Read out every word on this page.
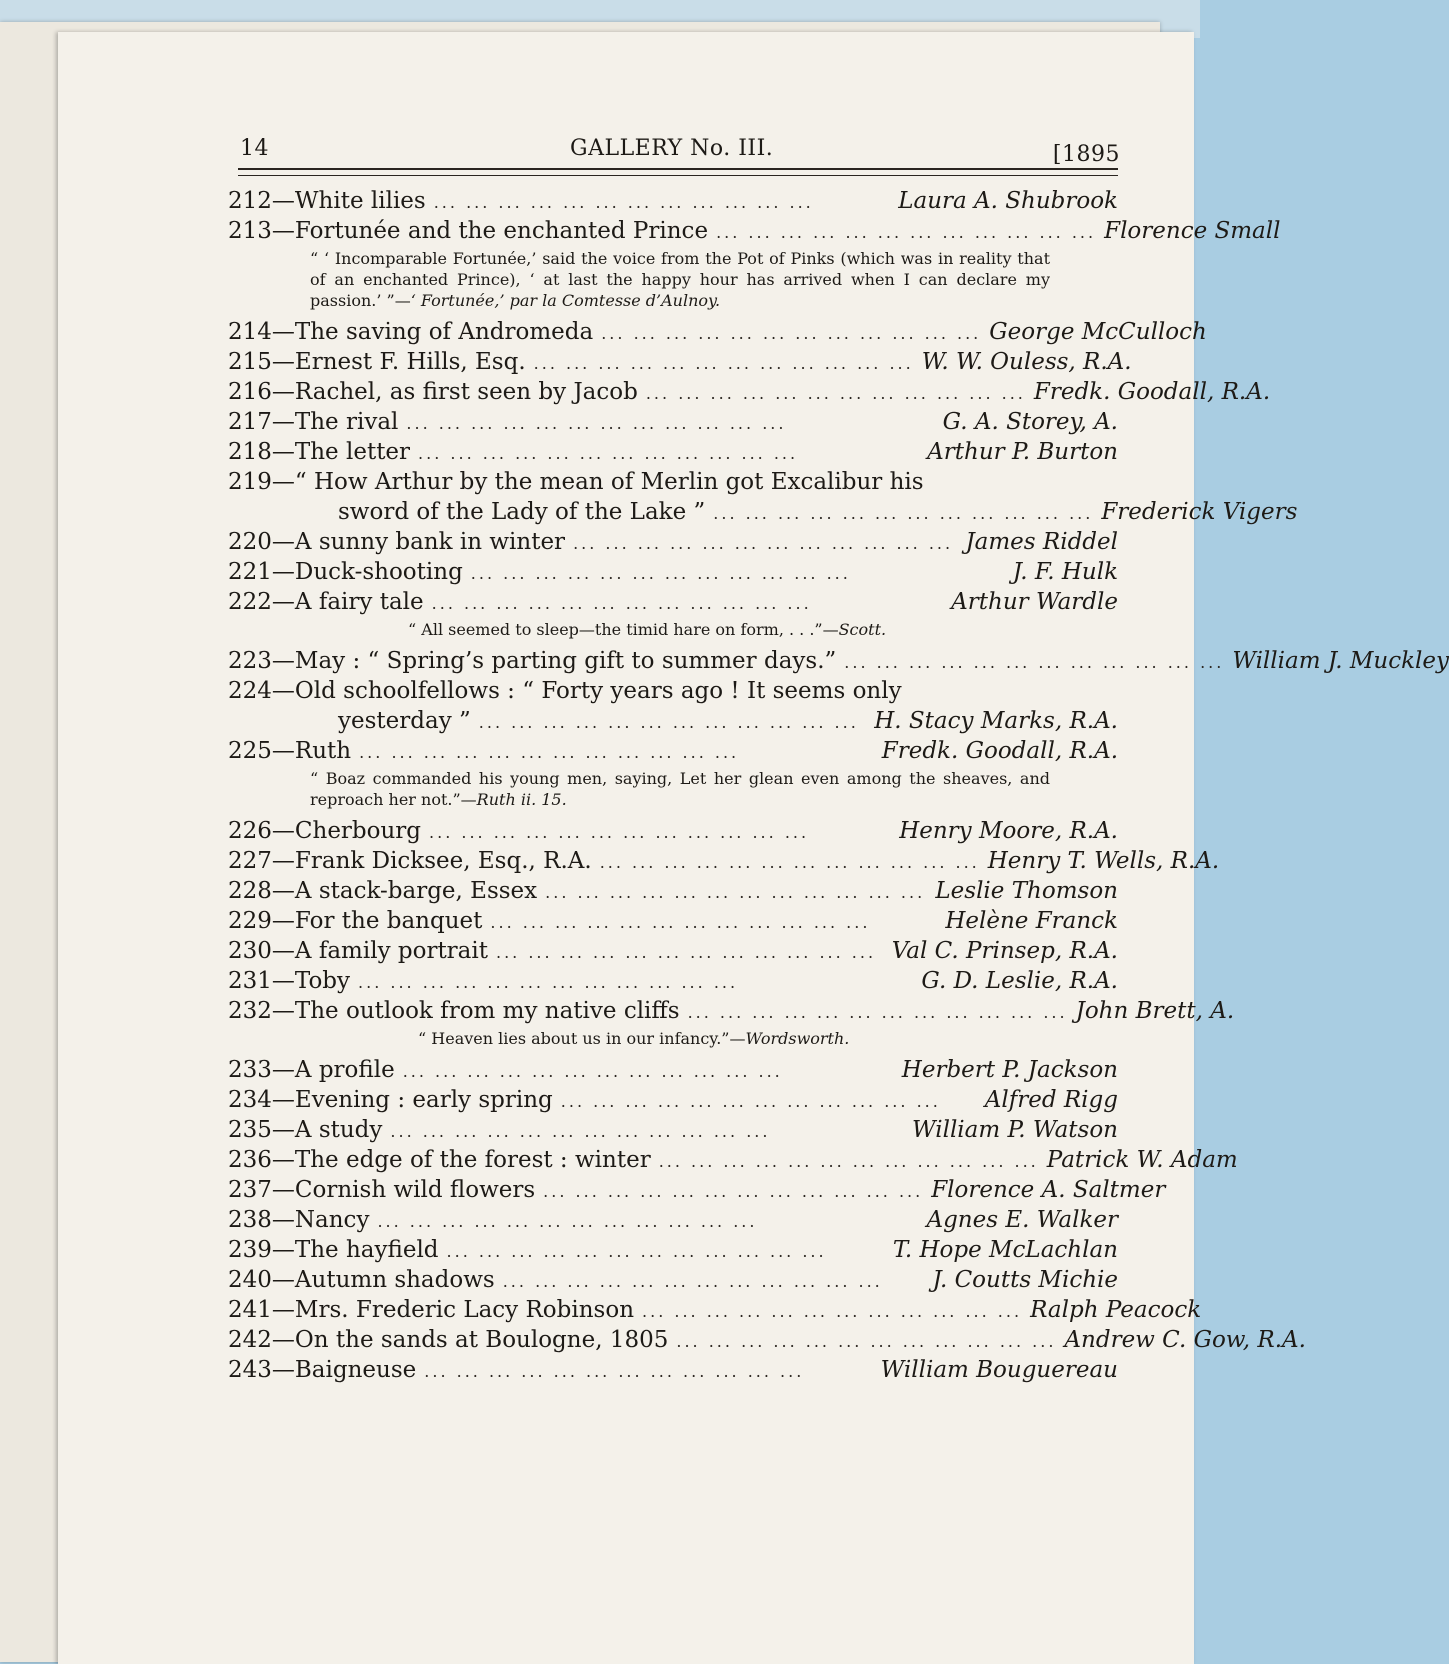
14	GALLERY No. III.	[1895
212—White lilies ... ... ... ... ... ... ... ... ... ... ... ...	Laura A. Shubrook
213—Fortunée and the enchanted Prince ... ... ... ... ... ... ... ... ... ... ... ... Florence Small
“ ‘ Incomparable Fortunée,’ said the voice from the Pot of Pinks (which was in reality that of an enchanted Prince), ‘ at last the happy hour has arrived when I can declare my passion.’ ”—‘ Fortunée,’ par la Comtesse d’Aulnoy.
214—The saving of Andromeda ... ... ... ... ... ... ... ... ... ... ... ... George McCulloch
215—Ernest F. Hills, Esq. ... ... ... ... ... ... ... ... ... ... ... ... W. W. Ouless, R.A.
216—Rachel, as first seen by Jacob ... ... ... ... ... ... ... ... ... ... ... ... Fredk. Goodall, R.A.
217—The rival ... ... ... ... ... ... ... ... ... ... ... ...	G. A. Storey, A.
218—The letter ... ... ... ... ... ... ... ... ... ... ... ...	Arthur P. Burton
219—“ How Arthur by the mean of Merlin got Excalibur his
sword of the Lady of the Lake ” ... ... ... ... ... ... ... ... ... ... ... ... Frederick Vigers
220—A sunny bank in winter ... ... ... ... ... ... ... ... ... ... ... ... James Riddel
221—Duck-shooting ... ... ... ... ... ... ... ... ... ... ... ...	J. F. Hulk
222—A fairy tale ... ... ... ... ... ... ... ... ... ... ... ...	Arthur Wardle
“ All seemed to sleep—the timid hare on form, . . .”—Scott.
223—May : “ Spring’s parting gift to summer days.” ... ... ... ... ... ... ... ... ... ... ... ... William J. Muckley
224—Old schoolfellows : “ Forty years ago ! It seems only
yesterday ” ... ... ... ... ... ... ... ... ... ... ... ... H. Stacy Marks, R.A.
225—Ruth ... ... ... ... ... ... ... ... ... ... ... ...	Fredk. Goodall, R.A.
“ Boaz commanded his young men, saying, Let her glean even among the sheaves, and reproach her not.”—Ruth ii. 15.
226—Cherbourg ... ... ... ... ... ... ... ... ... ... ... ...	Henry Moore, R.A.
227—Frank Dicksee, Esq., R.A. ... ... ... ... ... ... ... ... ... ... ... ... Henry T. Wells, R.A.
228—A stack-barge, Essex ... ... ... ... ... ... ... ... ... ... ... ... Leslie Thomson
229—For the banquet ... ... ... ... ... ... ... ... ... ... ... ...	Helène Franck
230—A family portrait ... ... ... ... ... ... ... ... ... ... ... ... Val C. Prinsep, R.A.
231—Toby ... ... ... ... ... ... ... ... ... ... ... ...	G. D. Leslie, R.A.
232—The outlook from my native cliffs ... ... ... ... ... ... ... ... ... ... ... ... John Brett, A.
“ Heaven lies about us in our infancy.”—Wordsworth.
233—A profile ... ... ... ... ... ... ... ... ... ... ... ...	Herbert P. Jackson
234—Evening : early spring ... ... ... ... ... ... ... ... ... ... ... ...	Alfred Rigg
235—A study ... ... ... ... ... ... ... ... ... ... ... ...	William P. Watson
236—The edge of the forest : winter ... ... ... ... ... ... ... ... ... ... ... ... Patrick W. Adam
237—Cornish wild flowers ... ... ... ... ... ... ... ... ... ... ... ... Florence A. Saltmer
238—Nancy ... ... ... ... ... ... ... ... ... ... ... ...	Agnes E. Walker
239—The hayfield ... ... ... ... ... ... ... ... ... ... ... ...	T. Hope McLachlan
240—Autumn shadows ... ... ... ... ... ... ... ... ... ... ... ...	J. Coutts Michie
241—Mrs. Frederic Lacy Robinson ... ... ... ... ... ... ... ... ... ... ... ... Ralph Peacock
242—On the sands at Boulogne, 1805 ... ... ... ... ... ... ... ... ... ... ... ... Andrew C. Gow, R.A.
243—Baigneuse ... ... ... ... ... ... ... ... ... ... ... ...	William Bouguereau
